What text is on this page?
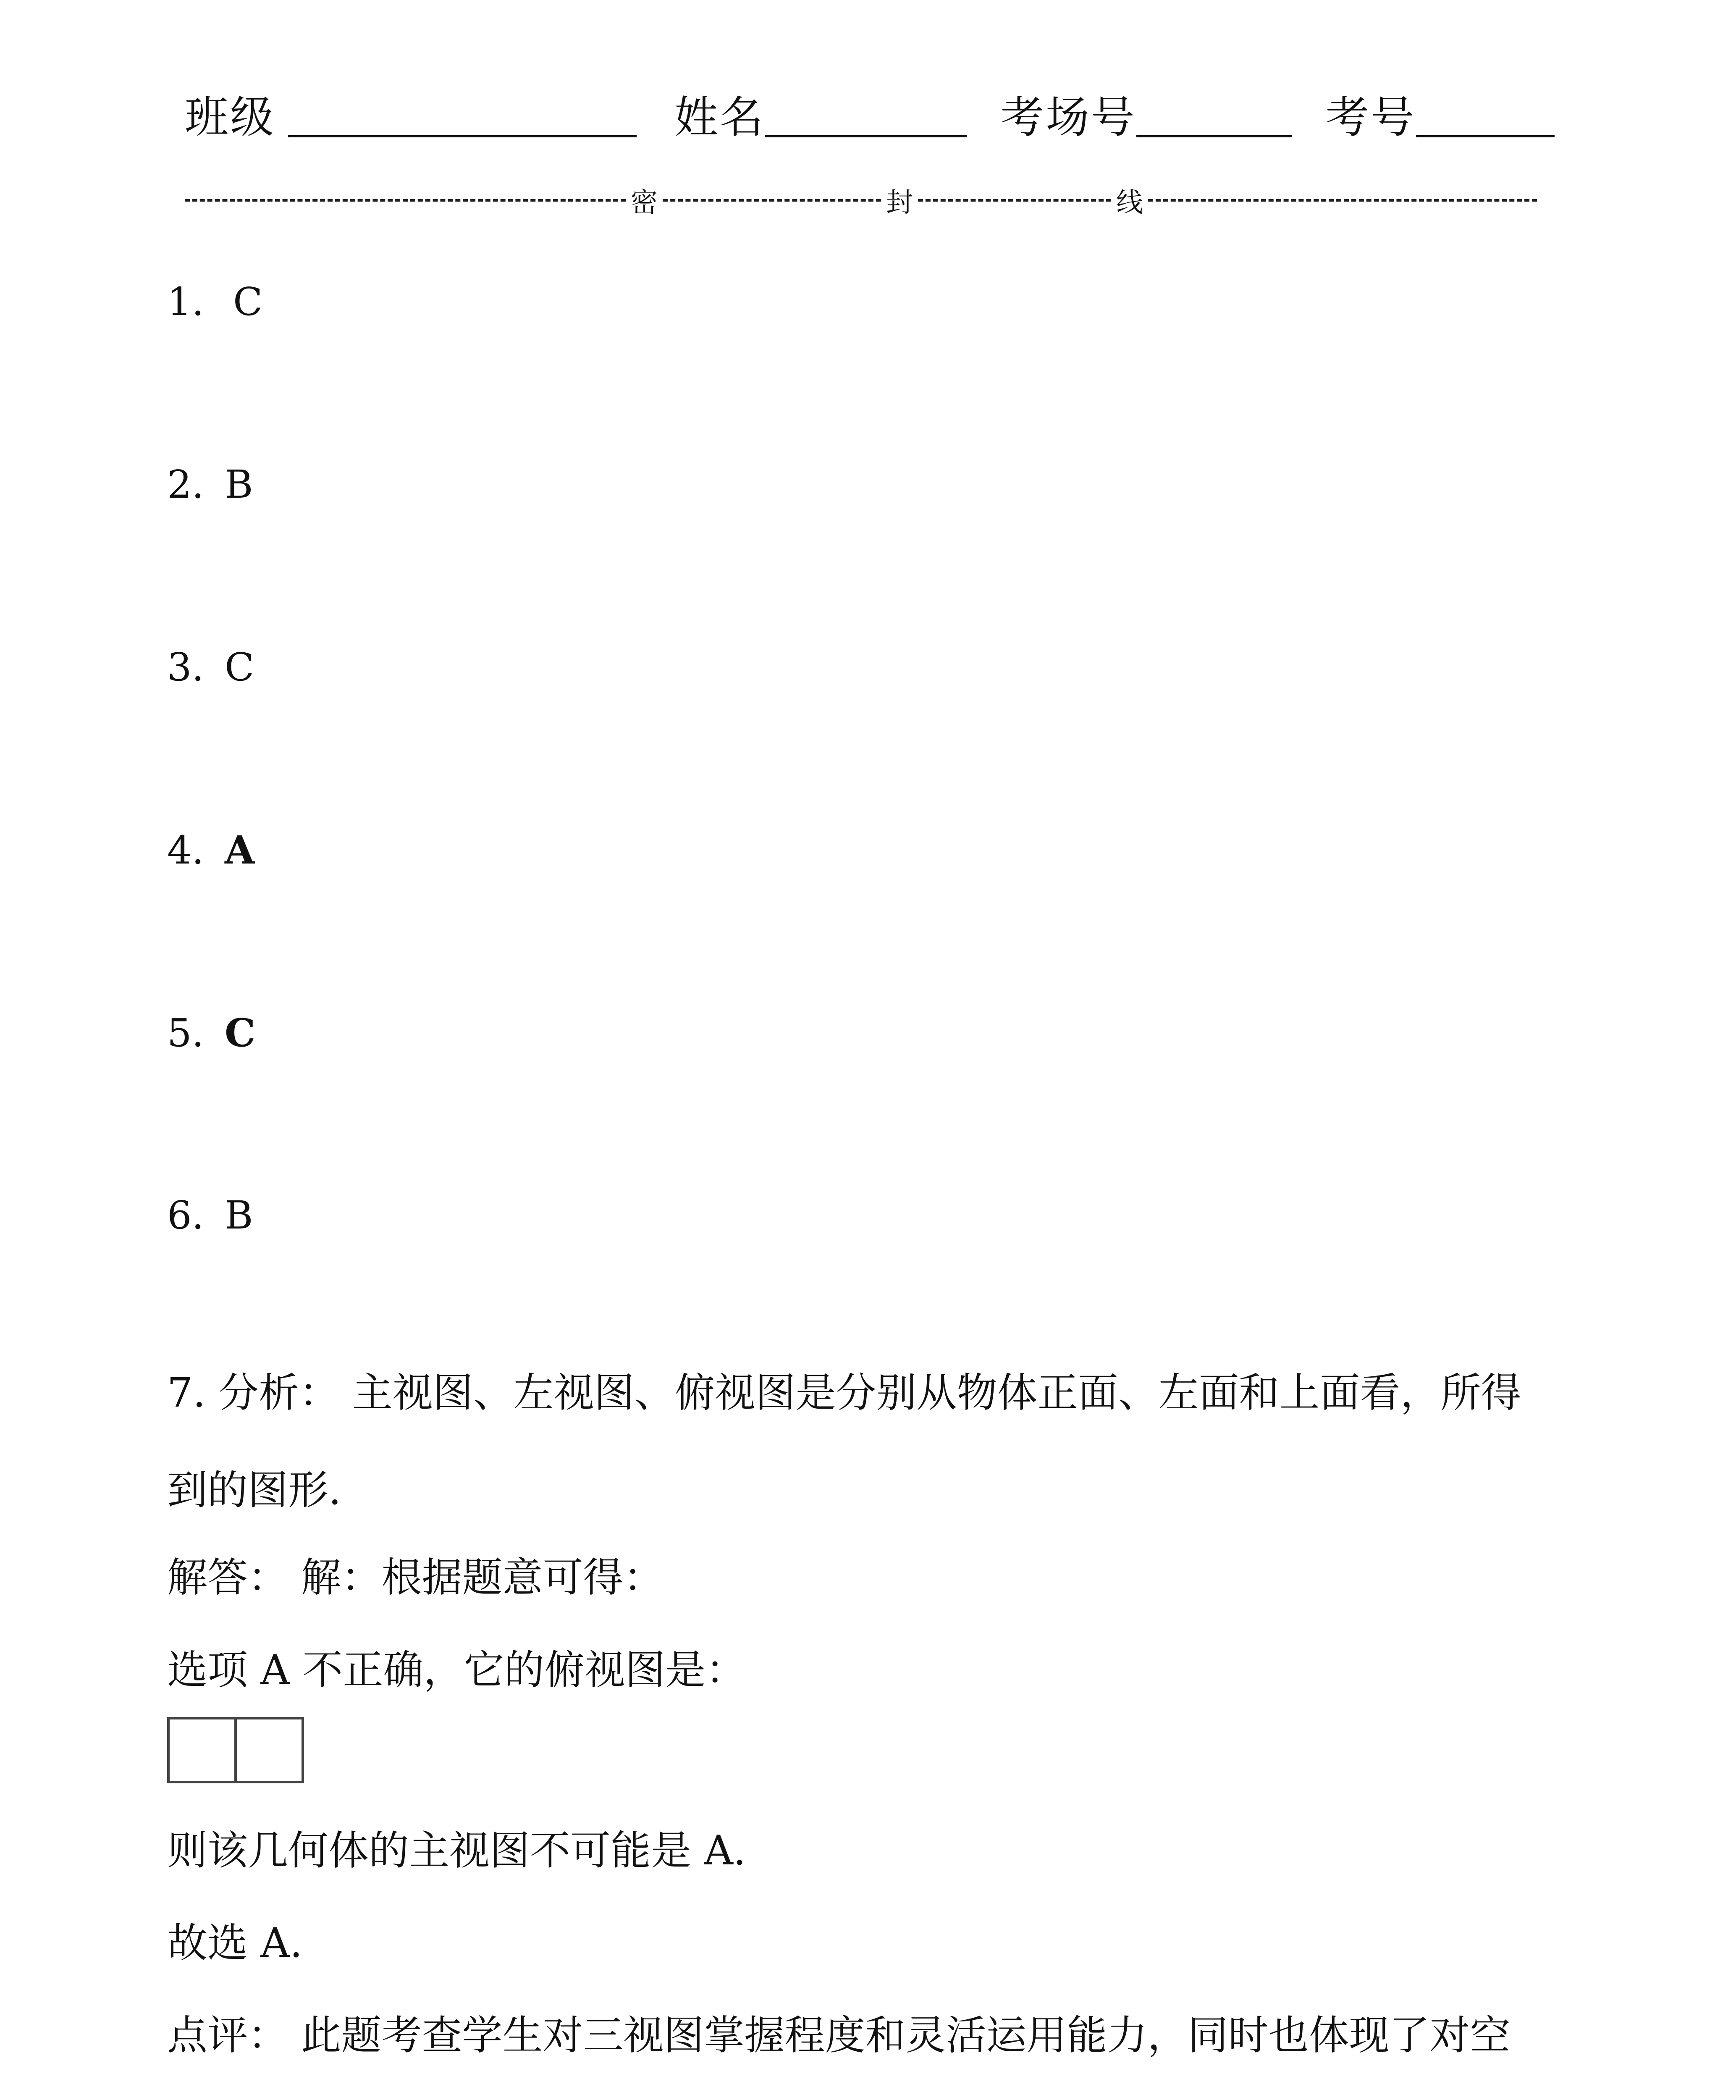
班级	姓名	考场号	考号
密	封	线
1. C
2. B
3. C
4. A
5. C
6. B
7. 分析： 主视图、左视图、俯视图是分别从物体正面、左面和上面看，所得
到的图形.
解答： 解：根据题意可得：
选项 A 不正确，它的俯视图是：
则该几何体的主视图不可能是 A.
故选 A.
点评： 此题考查学生对三视图掌握程度和灵活运用能力，同时也体现了对空
